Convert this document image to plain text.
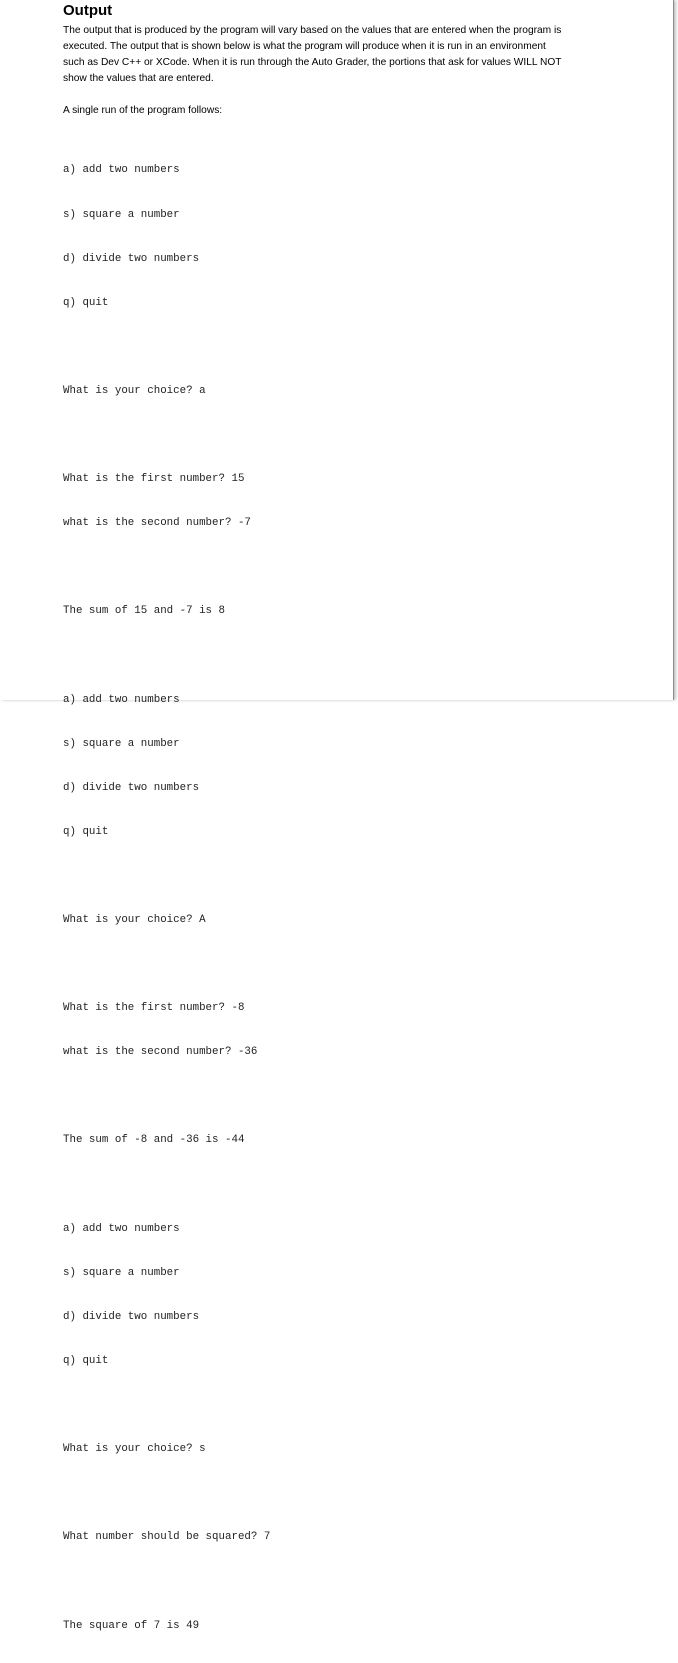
Output

The output that is produced by the program will vary based on the values that are entered when the program is
executed. The output that is shown below is what the program will produce when it is run in an environment
such as Dev C++ or XCode. When it is run through the Auto Grader, the portions that ask for values WILL NOT
show the values that are entered.

A single run of the program follows:

a) add two numbers

s) square a number

d) divide two numbers

q) quit

What is your choice? a

What is the first number? 15

what is the second number? -7

The sum of 15 and -7 is 8

a) add two numbers

s) square a number

d) divide two numbers

q) quit

What is your choice? A

What is the first number? -8

what is the second number? -36

The sum of -8 and -36 is -44

a) add two numbers

s) square a number

d) divide two numbers

q) quit

What is your choice? s

What number should be squared? 7

The square of 7 is 49
